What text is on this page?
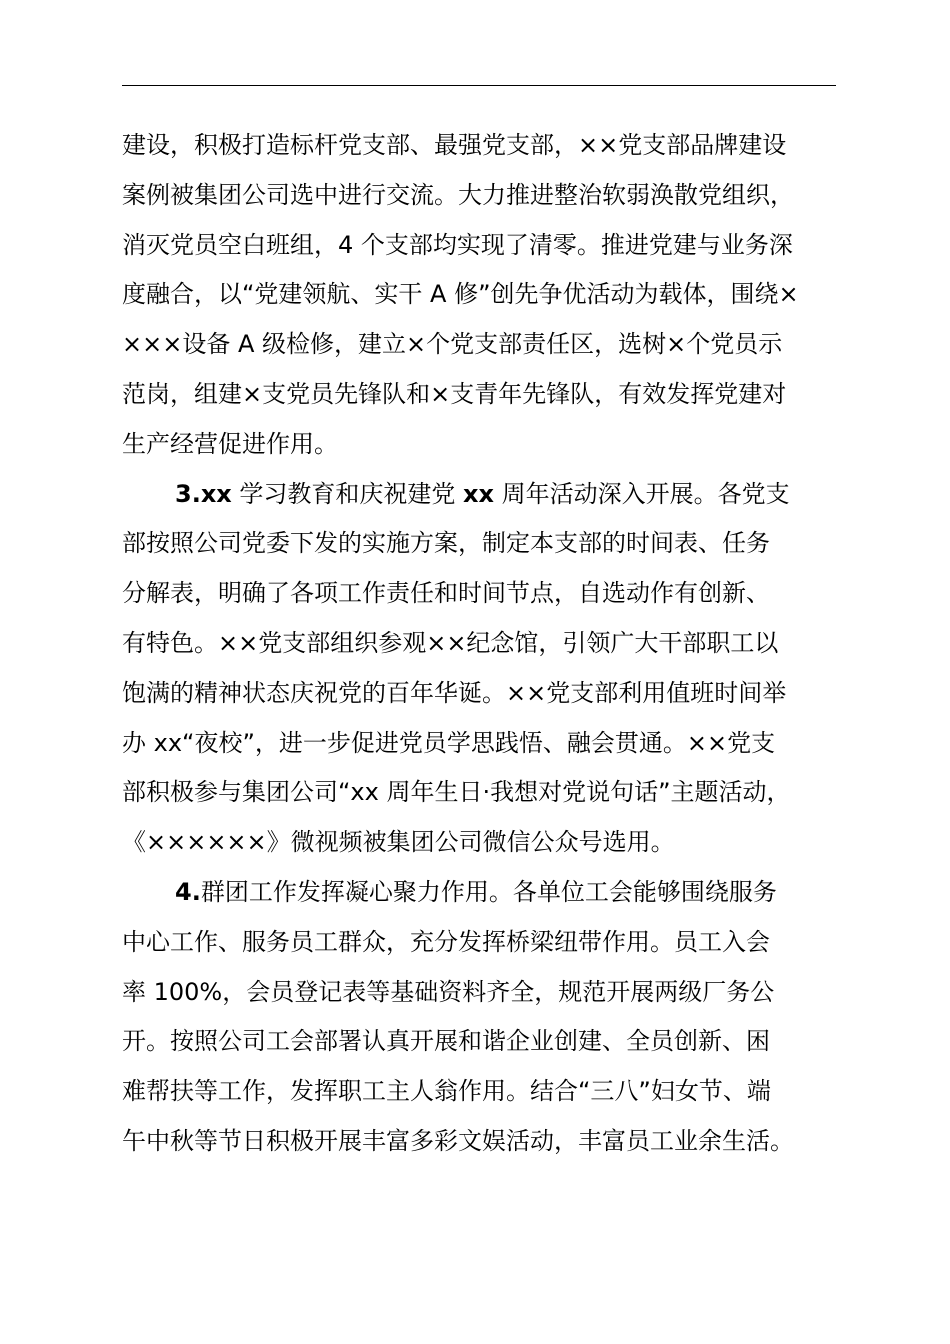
建设，积极打造标杆党支部、最强党支部，××党支部品牌建设
案例被集团公司选中进行交流。大力推进整治软弱涣散党组织，
消灭党员空白班组，4 个支部均实现了清零。推进党建与业务深
度融合，以“党建领航、实干 A 修”创先争优活动为载体，围绕×
×××设备 A 级检修，建立×个党支部责任区，选树×个党员示
范岗，组建×支党员先锋队和×支青年先锋队，有效发挥党建对
生产经营促进作用。
3.xx 学习教育和庆祝建党 xx 周年活动深入开展。各党支
部按照公司党委下发的实施方案，制定本支部的时间表、任务
分解表，明确了各项工作责任和时间节点，自选动作有创新、
有特色。××党支部组织参观××纪念馆，引领广大干部职工以
饱满的精神状态庆祝党的百年华诞。××党支部利用值班时间举
办 xx“夜校”，进一步促进党员学思践悟、融会贯通。××党支
部积极参与集团公司“xx 周年生日·我想对党说句话”主题活动，
《××××××》微视频被集团公司微信公众号选用。
4.群团工作发挥凝心聚力作用。各单位工会能够围绕服务
中心工作、服务员工群众，充分发挥桥梁纽带作用。员工入会
率 100%，会员登记表等基础资料齐全，规范开展两级厂务公
开。按照公司工会部署认真开展和谐企业创建、全员创新、困
难帮扶等工作，发挥职工主人翁作用。结合“三八”妇女节、端
午中秋等节日积极开展丰富多彩文娱活动，丰富员工业余生活。
